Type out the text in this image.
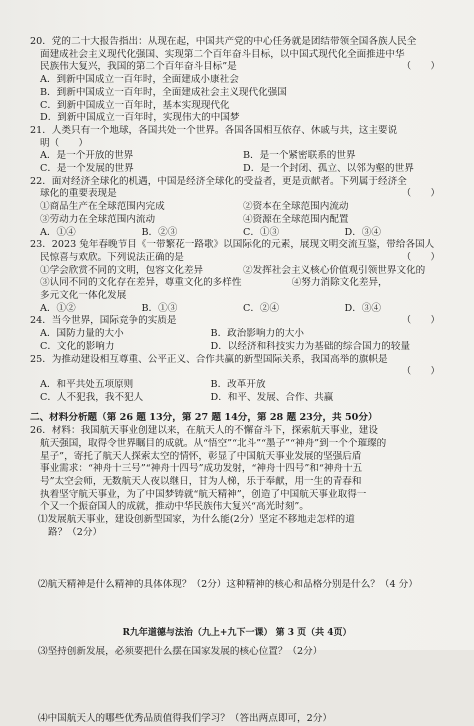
20．党的二十大报告指出：从现在起，中国共产党的中心任务就是团结带领全国各族人民全
面建成社会主义现代化强国、实现第二个百年奋斗目标，以中国式现代化全面推进中华
民族伟大复兴，我国的第二个百年奋斗目标”是	（　　）
A．到新中国成立一百年时，全面建成小康社会
B．到新中国成立一百年时，全面建成社会主义现代化强国
C．到新中国成立一百年时，基本实现现代化
D．到新中国成立一百年时，实现伟大的中国梦
21．人类只有一个地球，各国共处一个世界。各国各国相互依存、休戚与共，这主要说
明（　　）
A．是一个开放的世界	B．是一个紧密联系的世界
C．是一个发展的世界	D．是一个封闭、孤立、以邻为壑的世界
22．面对经济全球化的机遇，中国是经济全球化的受益者，更是贡献者。下列属于经济全
球化的重要表现是	（　　）
①商品生产在全球范围内完成	②资本在全球范围内流动
③劳动力在全球范围内流动	④资源在全球范围内配置
A．①④	B．②③	C．①③	D．③④
23．2023 兔年春晚节目《一带繁花一路歌》以国际化的元素，展现文明交流互鉴，带给各国人
民惊喜与欢欣。下列说法正确的是	（　　）
①学会欣赏不同的文明，包容文化差异	②发挥社会主义核心价值观引领世界文化的
③认同不同的文化存在差异，尊重文化的多样性	④努力消除文化差异，
多元文化一体化发展
A．①②	B．①③	C．②④	D．③④
24．当今世界，国际竞争的实质是	（　　）
A．国防力量的大小	B．政治影响力的大小
C．文化的影响力	D．以经济和科技实力为基础的综合国力的较量
25．为推动建设相互尊重、公平正义、合作共赢的新型国际关系，我国高举的旗帜是
（　　）
A．和平共处五项原则	B．改革开放
C．人不犯我，我不犯人	D．和平、发展、合作、共赢
二、材料分析题（第 26 题 13分，第 27 题 14分，第 28 题 23分，共 50分）
26．材料：我国航天事业创建以来，在航天人的不懈奋斗下，探索航天事业，建设
航天强国，取得令世界瞩目的成就。从“悟空”“北斗”“墨子”“神舟”到一个个璀璨的
星子”，寄托了航天人探索太空的情怀，彰显了中国航天事业发展的坚强后盾
事业需求：“神舟十三号”“神舟十四号”成功发射，“神舟十四号”和“神舟十五
号”太空会师，无数航天人夜以继日，甘为人梯，乐于奉献，用一生的青春和
执着坚守航天事业，为了中国梦铸就“航天精神”，创造了中国航天事业取得一
个又一个振奋国人的成就，推动中华民族伟大复兴“高光时刻”。
⑴发展航天事业，建设创新型国家，为什么能(2分）坚定不移地走怎样的道
路？（2分）
⑵航天精神是什么精神的具体体现？（2分）这种精神的核心和品格分别是什么？（4 分）
⑶坚持创新发展，必须要把什么摆在国家发展的核心位置？（2分）
⑷中国航天人的哪些优秀品质值得我们学习？（答出两点即可，2分）
R九年道德与法治（九上+九下一课） 第 3 页（共 4页）
